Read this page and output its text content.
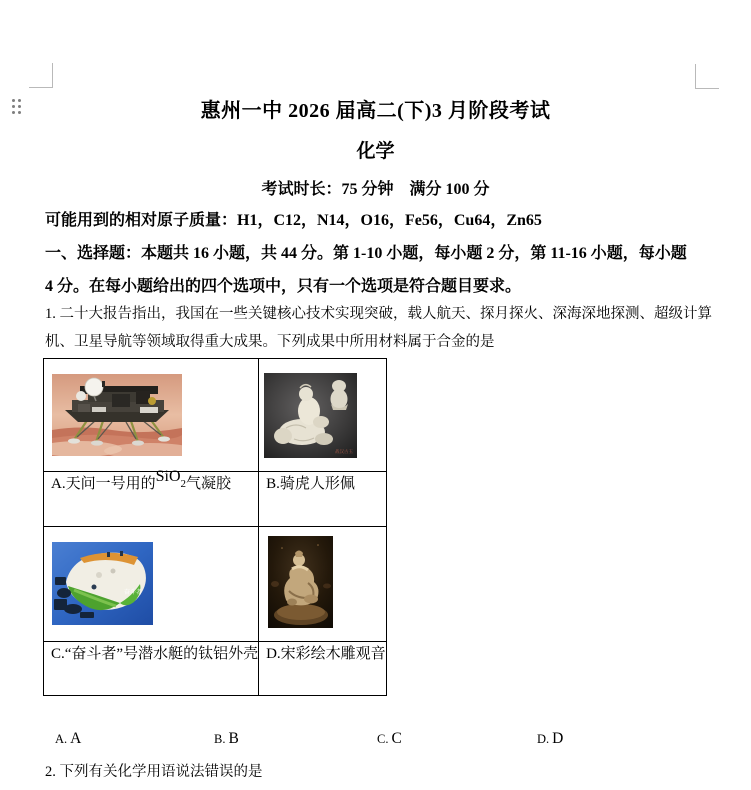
惠州一中 2026 届高二(下)3 月阶段考试
化学
考试时长：75 分钟　满分 100 分
可能用到的相对原子质量：H1，C12，N14，O16，Fe56，Cu64，Zn65
一、选择题：本题共 16 小题，共 44 分。第 1-10 小题，每小题 2 分，第 11-16 小题，每小题
4 分。在每小题给出的四个选项中，只有一个选项是符合题目要求。
1. 二十大报告指出，我国在一些关键核心技术实现突破，载人航天、探月探火、深海深地探测、超级计算
机、卫星导航等领域取得重大成果。下列成果中所用材料属于合金的是

战汉古玉

A.天问一号用的SiO$_2$气凝胶	B.骑虎人形佩

奋斗者

C.“奋斗者”号潜水艇的钛铝外壳	D.宋彩绘木雕观音
A. A	B. B	C. C	D. D
2. 下列有关化学用语说法错误的是
